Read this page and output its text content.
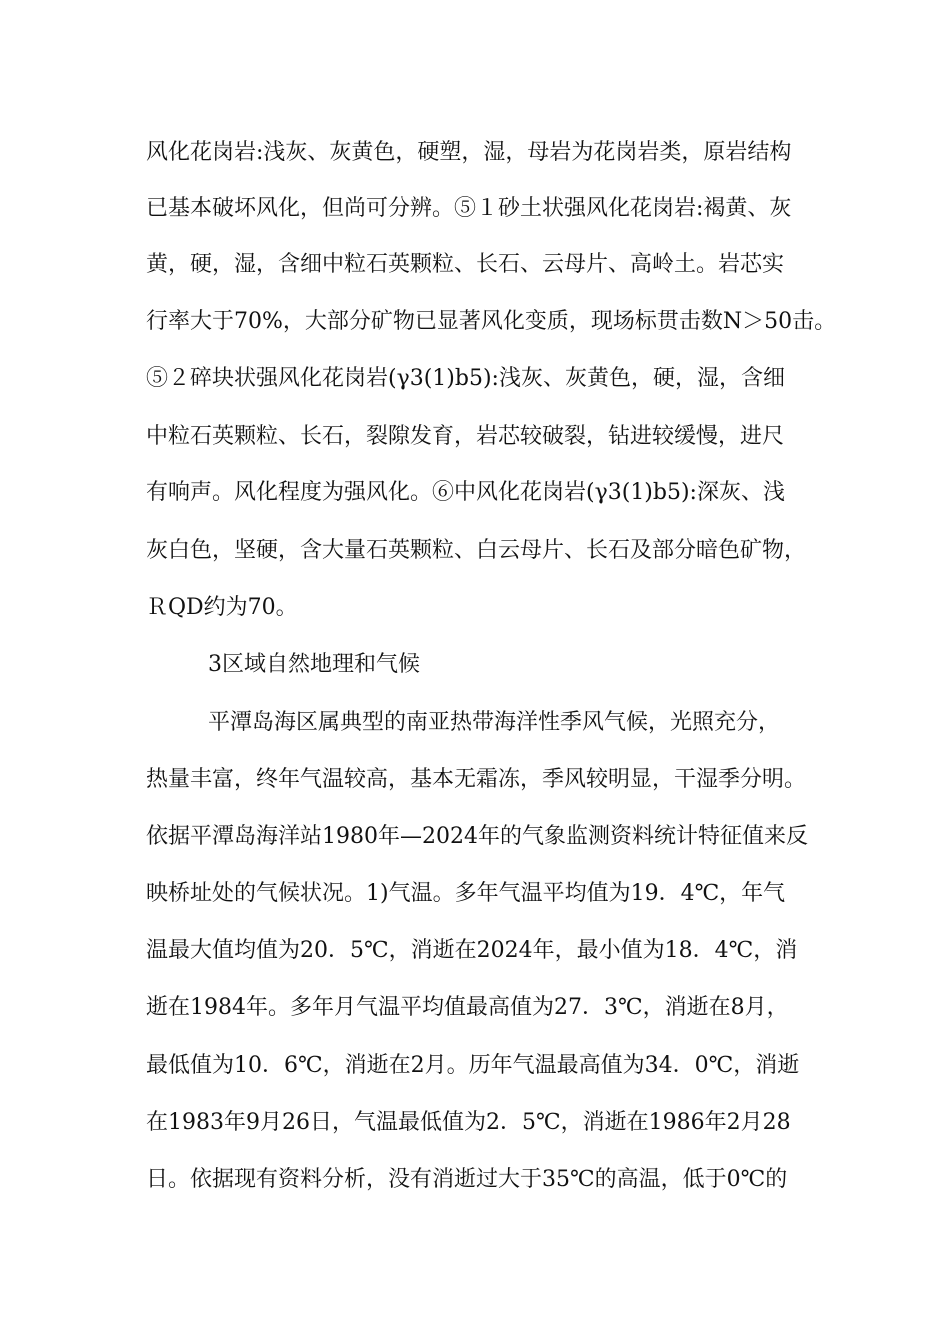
风化花岗岩:浅灰、灰黄色，硬塑，湿，母岩为花岗岩类，原岩结构
已基本破坏风化，但尚可分辨。⑤１砂土状强风化花岗岩:褐黄、灰
黄，硬，湿，含细中粒石英颗粒、长石、云母片、高岭土。岩芯实
行率大于70%，大部分矿物已显著风化变质，现场标贯击数N＞50击。
⑤２碎块状强风化花岗岩(γ3(1)b5):浅灰、灰黄色，硬，湿，含细
中粒石英颗粒、长石，裂隙发育，岩芯较破裂，钻进较缓慢，进尺
有响声。风化程度为强风化。⑥中风化花岗岩(γ3(1)b5):深灰、浅
灰白色，坚硬，含大量石英颗粒、白云母片、长石及部分暗色矿物，
ＲQD约为70。
3区域自然地理和气候
平潭岛海区属典型的南亚热带海洋性季风气候，光照充分，
热量丰富，终年气温较高，基本无霜冻，季风较明显，干湿季分明。
依据平潭岛海洋站1980年—2024年的气象监测资料统计特征值来反
映桥址处的气候状况。1)气温。多年气温平均值为19．4℃，年气
温最大值均值为20．5℃，消逝在2024年，最小值为18．4℃，消
逝在1984年。多年月气温平均值最高值为27．3℃，消逝在8月，
最低值为10．6℃，消逝在2月。历年气温最高值为34．0℃，消逝
在1983年9月26日，气温最低值为2．5℃，消逝在1986年2月28
日。依据现有资料分析，没有消逝过大于35℃的高温，低于0℃的
